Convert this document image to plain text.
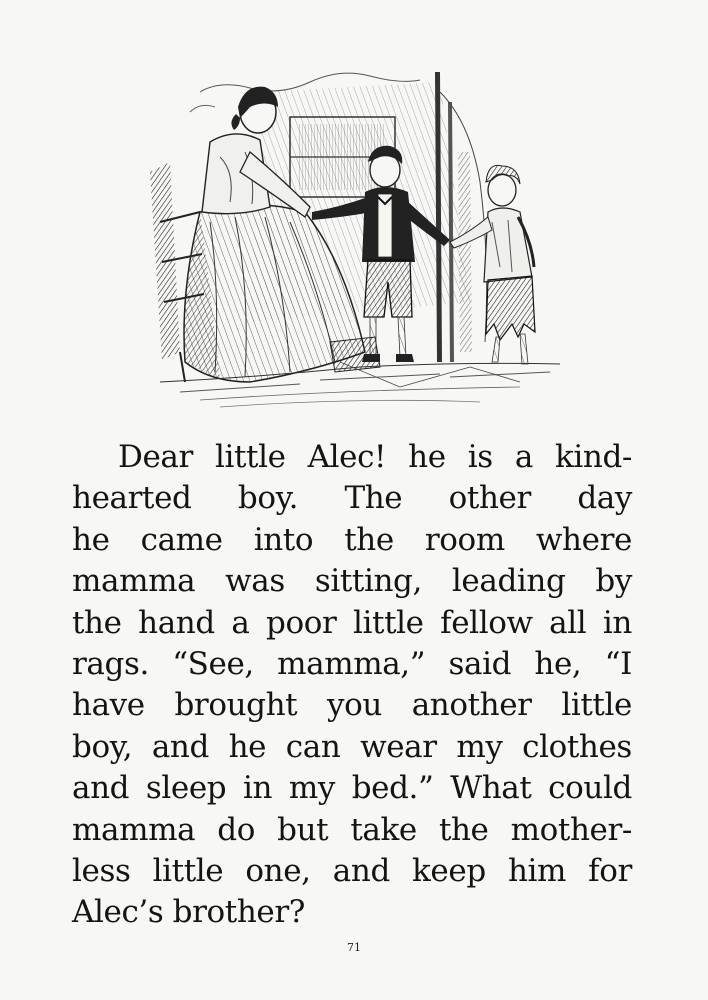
Dear little Alec! he is a kind-
hearted boy. The other day
he came into the room where
mamma was sitting, leading by
the hand a poor little fellow all in
rags. “See, mamma,” said he, “I
have brought you another little
boy, and he can wear my clothes
and sleep in my bed.” What could
mamma do but take the mother-
less little one, and keep him for
Alec’s brother?
71
